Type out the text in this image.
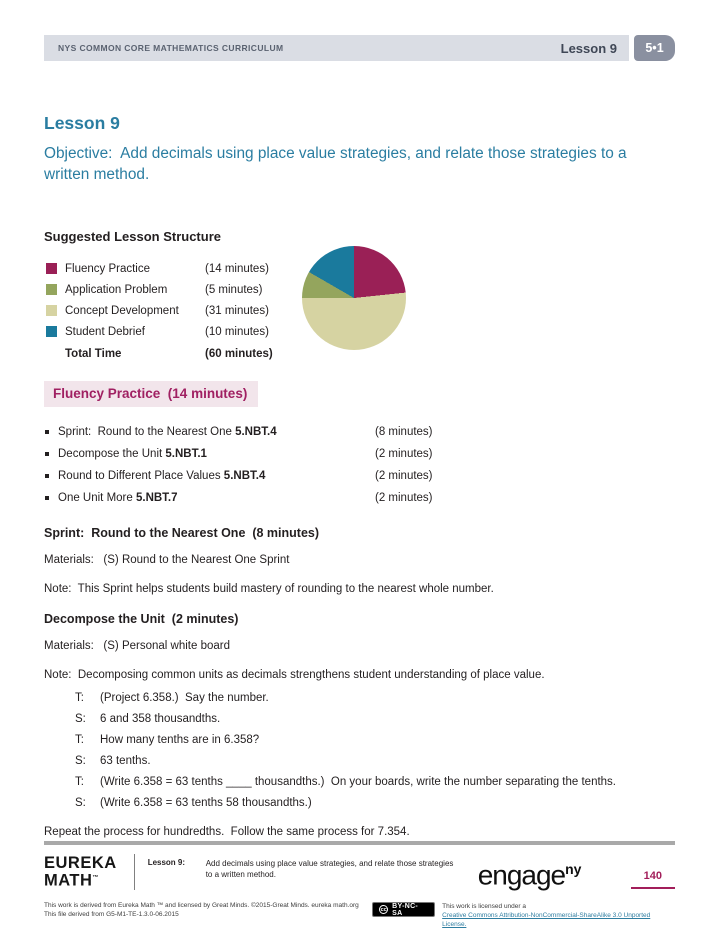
NYS COMMON CORE MATHEMATICS CURRICULUM	Lesson 9	5•1
Lesson 9
Objective:  Add decimals using place value strategies, and relate those strategies to a written method.
Suggested Lesson Structure
Fluency Practice	(14 minutes)
Application Problem	(5 minutes)
Concept Development	(31 minutes)
Student Debrief	(10 minutes)
Total Time	(60 minutes)
Fluency Practice  (14 minutes)
Sprint:  Round to the Nearest One 5.NBT.4	(8 minutes)
Decompose the Unit 5.NBT.1	(2 minutes)
Round to Different Place Values 5.NBT.4	(2 minutes)
One Unit More 5.NBT.7	(2 minutes)
Sprint:  Round to the Nearest One  (8 minutes)
Materials:   (S) Round to the Nearest One Sprint
Note:  This Sprint helps students build mastery of rounding to the nearest whole number.
Decompose the Unit  (2 minutes)
Materials:   (S) Personal white board
Note:  Decomposing common units as decimals strengthens student understanding of place value.
T:	(Project 6.358.)  Say the number.
S:	6 and 358 thousandths.
T:	How many tenths are in 6.358?
S:	63 tenths.
T:	(Write 6.358 = 63 tenths ____ thousandths.)  On your boards, write the number separating the tenths.
S:	(Write 6.358 = 63 tenths 58 thousandths.)
Repeat the process for hundredths.  Follow the same process for 7.354.
EUREKA
MATH™
Lesson 9:	Add decimals using place value strategies, and relate those strategies to a written method.	engage$^{ny}$	140
This work is derived from Eureka Math ™ and licensed by Great Minds. ©2015-Great Minds. eureka math.org
This file derived from G5-M1-TE-1.3.0-06.2015
cc BY-NC-SA
This work is licensed under a
Creative Commons Attribution-NonCommercial-ShareAlike 3.0 Unported License.
